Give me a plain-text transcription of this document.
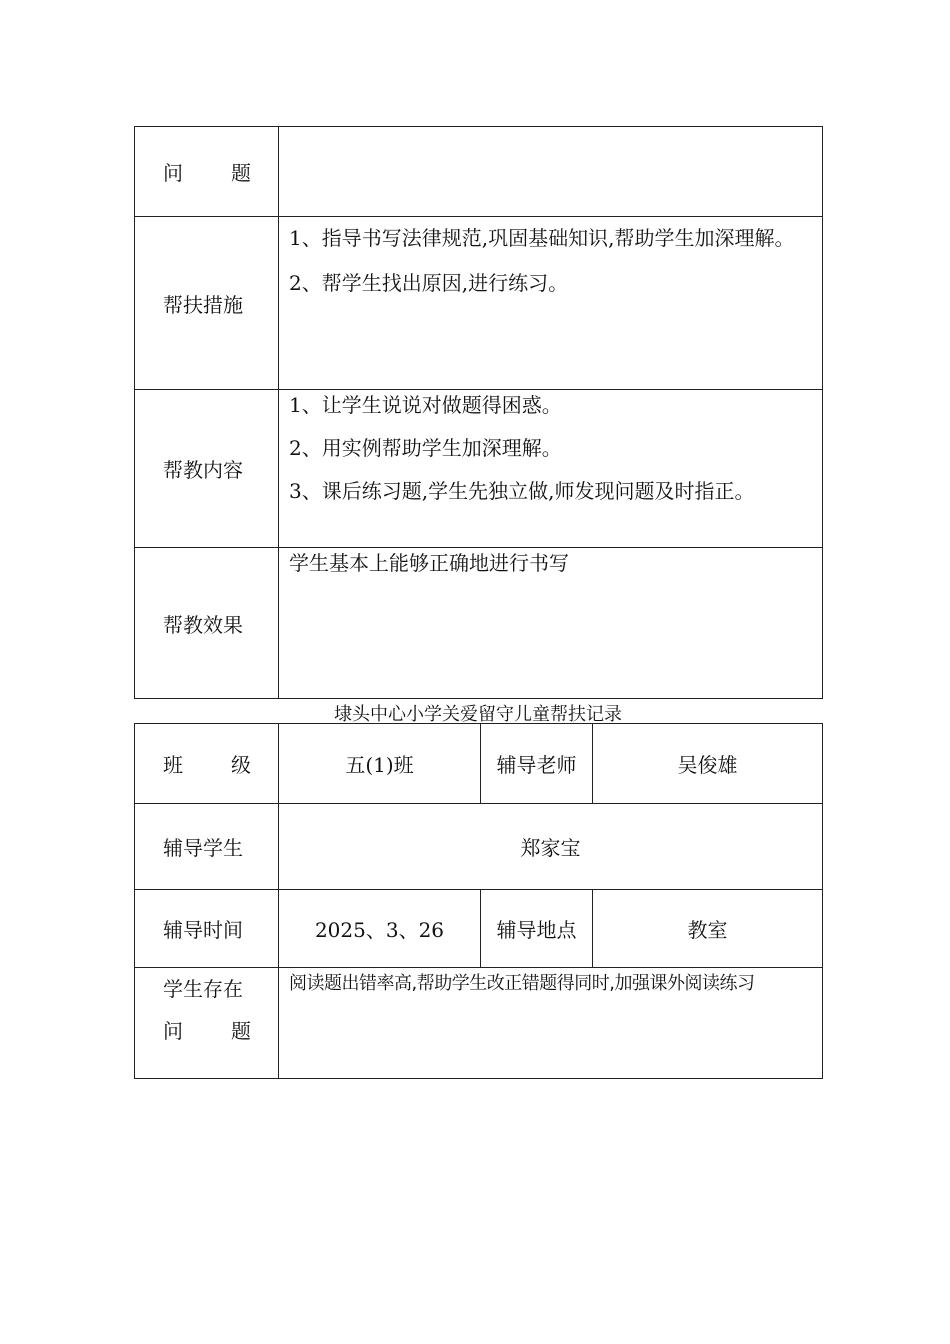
问 题	

帮扶措施	1、指导书写法律规范,巩固基础知识,帮助学生加深理解。

2、帮学生找出原因,进行练习。

帮教内容	1、让学生说说对做题得困惑。

2、用实例帮助学生加深理解。

3、课后练习题,学生先独立做,师发现问题及时指正。

帮教效果	学生基本上能够正确地进行书写
埭头中心小学关爱留守儿童帮扶记录
班 级	五(1)班	辅导老师	吴俊雄
辅导学生	郑家宝		
辅导时间	2025、3、26	辅导地点	教室

学生存在
问 题	阅读题出错率高,帮助学生改正错题得同时,加强课外阅读练习		
